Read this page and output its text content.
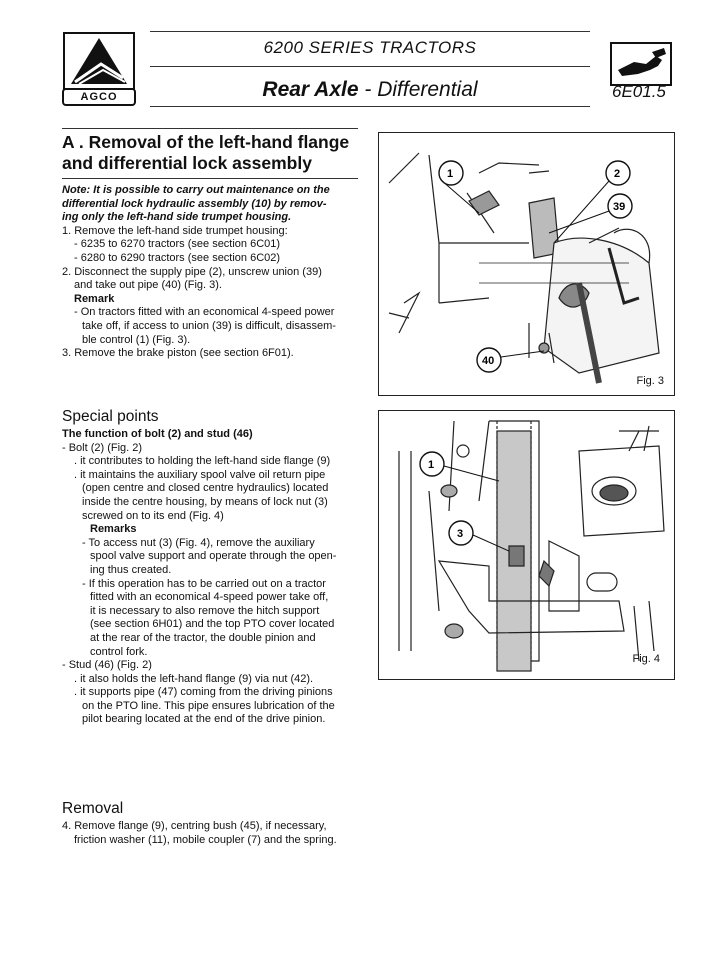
AGCO
6200 SERIES TRACTORS
Rear Axle - Differential	6E01.5
A . Removal of the left-hand flange
and differential lock assembly

Note: It is possible to carry out maintenance on the

differential lock hydraulic assembly (10) by remov-

ing only the left-hand side trumpet housing.

1. Remove the left-hand side trumpet housing:

- 6235 to 6270 tractors (see section 6C01)

- 6280 to 6290 tractors (see section 6C02)

2. Disconnect the supply pipe (2), unscrew union (39)

and take out pipe (40) (Fig. 3).

Remark

- On tractors fitted with an economical 4-speed power

take off, if access to union (39) is difficult, disassem-

ble control (1) (Fig. 3).

3. Remove the brake piston (see section 6F01).

Special points

The function of bolt (2) and stud (46)

- Bolt (2) (Fig. 2)

. it contributes to holding the left-hand side flange (9)

. it maintains the auxiliary spool valve oil return pipe

(open centre and closed centre hydraulics) located

inside the centre housing, by means of lock nut (3)

screwed on to its end (Fig. 4)

Remarks

- To access nut (3) (Fig. 4), remove the auxiliary

spool valve support and operate through the open-

ing thus created.

- If this operation has to be carried out on a tractor

fitted with an economical 4-speed power take off,

it is necessary to also remove the hitch support

(see section 6H01) and the top PTO cover located

at the rear of the tractor, the double pinion and

control fork.

- Stud (46) (Fig. 2)

. it also holds the left-hand flange (9) via nut (42).

. it supports pipe (47) coming from the driving pinions

on the PTO line. This pipe ensures lubrication of the

pilot bearing located at the end of the drive pinion.

Removal

4. Remove flange (9), centring bush (45), if necessary,

friction washer (11), mobile coupler (7) and the spring.

1	2
39
40
Fig. 3
1
3
Fig. 4
